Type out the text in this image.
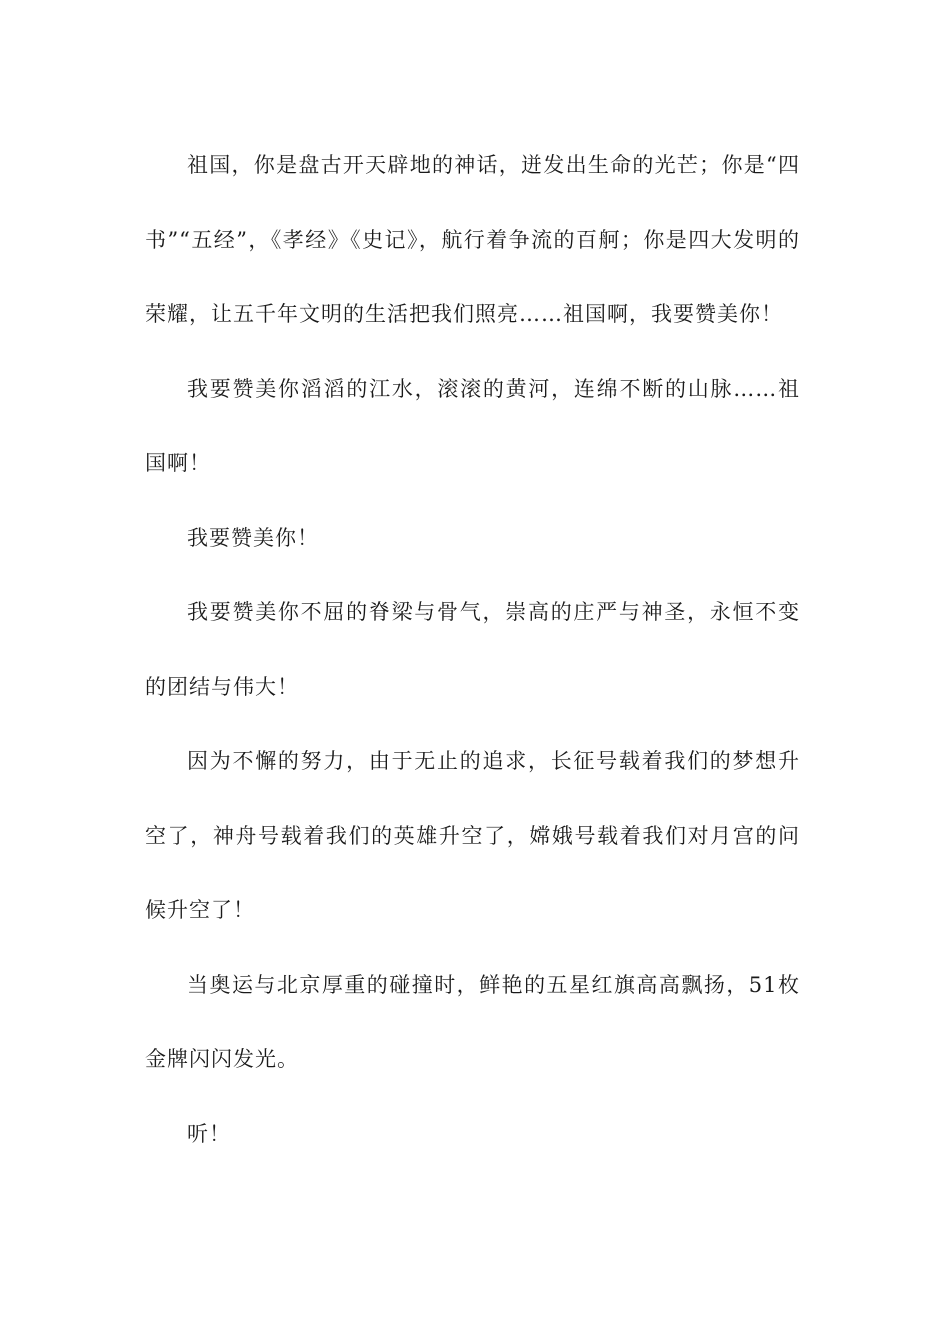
祖国，你是盘古开天辟地的神话，迸发出生命的光芒；你是“四书”“五经”，《孝经》《史记》，航行着争流的百舸；你是四大发明的荣耀，让五千年文明的生活把我们照亮……祖国啊，我要赞美你！

我要赞美你滔滔的江水，滚滚的黄河，连绵不断的山脉……祖国啊！

我要赞美你！

我要赞美你不屈的脊梁与骨气，崇高的庄严与神圣，永恒不变的团结与伟大！

因为不懈的努力，由于无止的追求，长征号载着我们的梦想升空了，神舟号载着我们的英雄升空了，嫦娥号载着我们对月宫的问候升空了！

当奥运与北京厚重的碰撞时，鲜艳的五星红旗高高飘扬，51枚金牌闪闪发光。

听！
